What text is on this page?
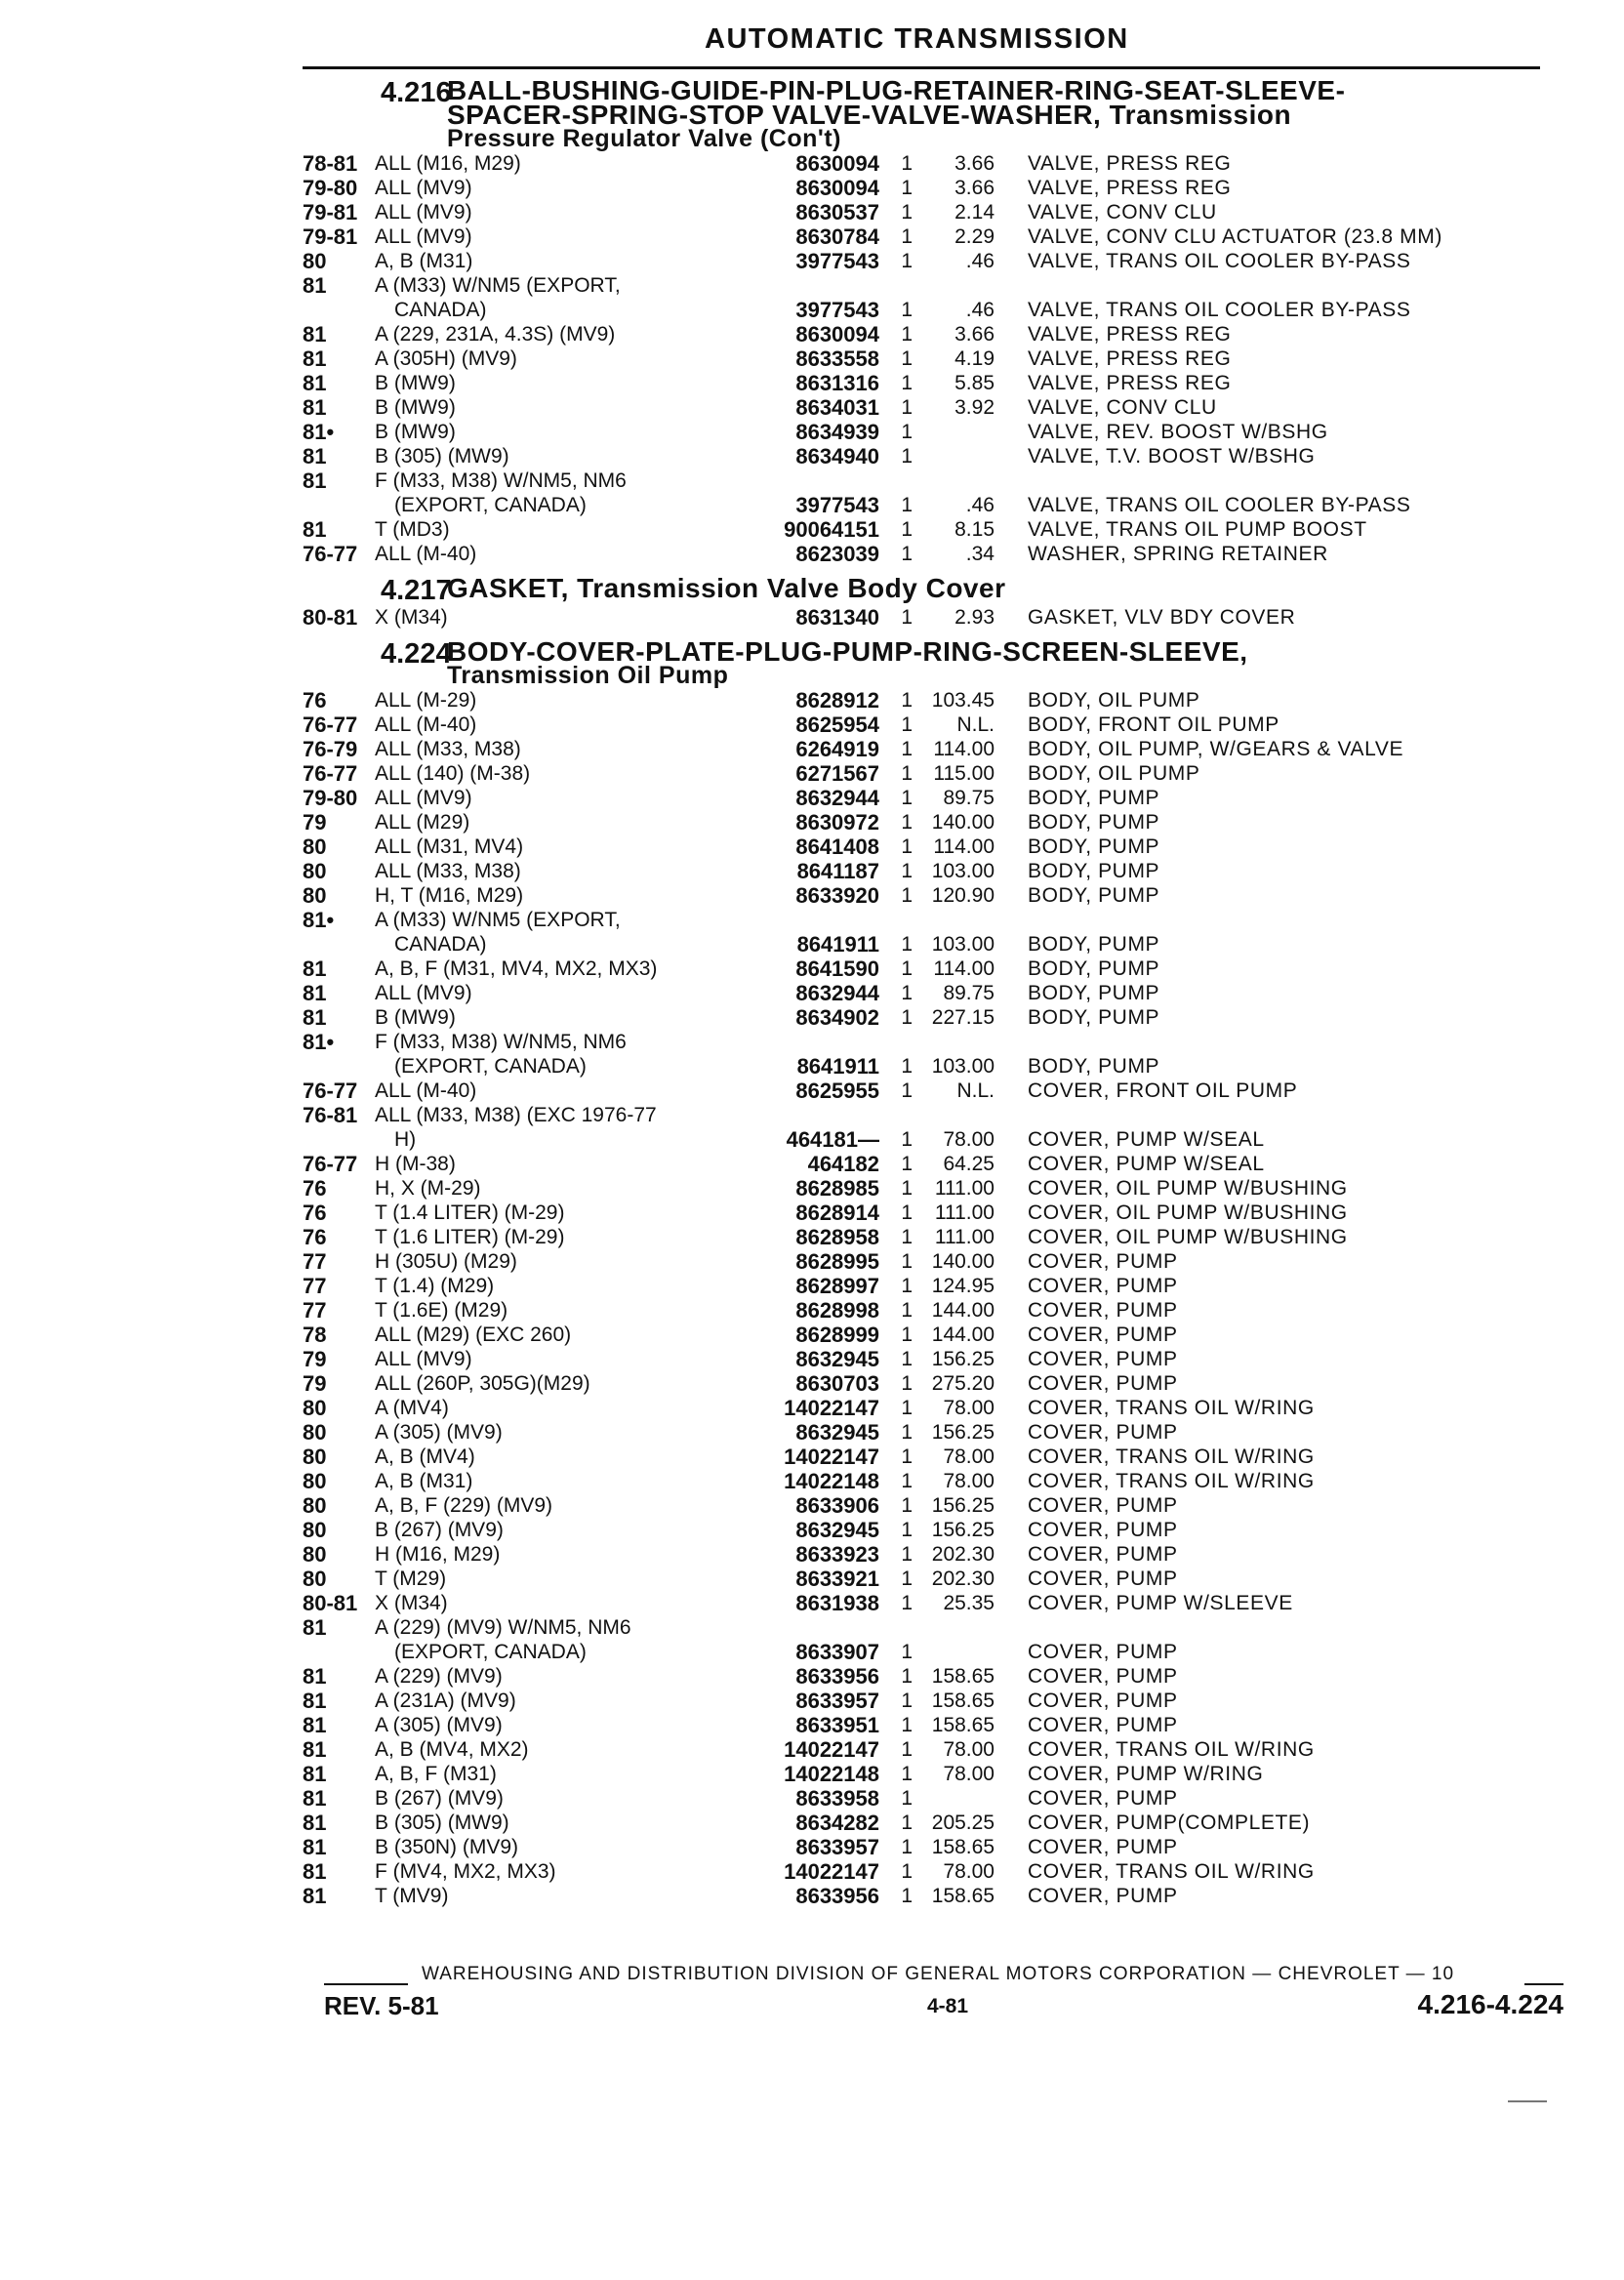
AUTOMATIC TRANSMISSION
4.216
BALL-BUSHING-GUIDE-PIN-PLUG-RETAINER-RING-SEAT-SLEEVE-
SPACER-SPRING-STOP VALVE-VALVE-WASHER, Transmission
Pressure Regulator Valve (Con't)
78-81 ALL (M16, M29)	8630094	1	3.66	VALVE, PRESS REG
79-80 ALL (MV9)	8630094	1	3.66	VALVE, PRESS REG
79-81 ALL (MV9)	8630537	1	2.14	VALVE, CONV CLU
79-81 ALL (MV9)	8630784	1	2.29	VALVE, CONV CLU ACTUATOR (23.8 MM)
80	A, B (M31)	3977543	1	.46	VALVE, TRANS OIL COOLER BY-PASS
81	A (M33) W/NM5 (EXPORT,
CANADA)	3977543	1	.46	VALVE, TRANS OIL COOLER BY-PASS
81	A (229, 231A, 4.3S) (MV9)	8630094	1	3.66	VALVE, PRESS REG
81	A (305H) (MV9)	8633558	1	4.19	VALVE, PRESS REG
81	B (MW9)	8631316	1	5.85	VALVE, PRESS REG
81	B (MW9)	8634031	1	3.92	VALVE, CONV CLU
81•	B (MW9)	8634939	1	VALVE, REV. BOOST W/BSHG
81	B (305) (MW9)	8634940	1	VALVE, T.V. BOOST W/BSHG
81	F (M33, M38) W/NM5, NM6
(EXPORT, CANADA)	3977543	1	.46	VALVE, TRANS OIL COOLER BY-PASS
81	T (MD3)	90064151	1	8.15	VALVE, TRANS OIL PUMP BOOST
76-77 ALL (M-40)	8623039	1	.34	WASHER, SPRING RETAINER
4.217
GASKET, Transmission Valve Body Cover
80-81 X (M34)	8631340	1	2.93	GASKET, VLV BDY COVER
4.224
BODY-COVER-PLATE-PLUG-PUMP-RING-SCREEN-SLEEVE,
Transmission Oil Pump
76	ALL (M-29)	8628912	1 103.45	BODY, OIL PUMP
76-77 ALL (M-40)	8625954	1	N.L.	BODY, FRONT OIL PUMP
76-79 ALL (M33, M38)	6264919	1	114.00	BODY, OIL PUMP, W/GEARS & VALVE
76-77 ALL (140) (M-38)	6271567	1	115.00	BODY, OIL PUMP
79-80 ALL (MV9)	8632944	1	89.75	BODY, PUMP
79	ALL (M29)	8630972	1 140.00	BODY, PUMP
80	ALL (M31, MV4)	8641408	1	114.00	BODY, PUMP
80	ALL (M33, M38)	8641187	1 103.00	BODY, PUMP
80	H, T (M16, M29)	8633920	1 120.90	BODY, PUMP
81•	A (M33) W/NM5 (EXPORT,
CANADA)	8641911	1 103.00	BODY, PUMP
81	A, B, F (M31, MV4, MX2, MX3)	8641590	1	114.00	BODY, PUMP
81	ALL (MV9)	8632944	1	89.75	BODY, PUMP
81	B (MW9)	8634902	1 227.15	BODY, PUMP
81•	F (M33, M38) W/NM5, NM6
(EXPORT, CANADA)	8641911	1 103.00	BODY, PUMP
76-77 ALL (M-40)	8625955	1	N.L.	COVER, FRONT OIL PUMP
76-81 ALL (M33, M38) (EXC 1976-77
H)	464181—	1	78.00	COVER, PUMP W/SEAL
76-77 H (M-38)	464182	1	64.25	COVER, PUMP W/SEAL
76	H, X (M-29)	8628985	1	111.00	COVER, OIL PUMP W/BUSHING
76	T (1.4 LITER) (M-29)	8628914	1	111.00	COVER, OIL PUMP W/BUSHING
76	T (1.6 LITER) (M-29)	8628958	1	111.00	COVER, OIL PUMP W/BUSHING
77	H (305U) (M29)	8628995	1 140.00	COVER, PUMP
77	T (1.4) (M29)	8628997	1 124.95	COVER, PUMP
77	T (1.6E) (M29)	8628998	1 144.00	COVER, PUMP
78	ALL (M29) (EXC 260)	8628999	1 144.00	COVER, PUMP
79	ALL (MV9)	8632945	1 156.25	COVER, PUMP
79	ALL (260P, 305G)(M29)	8630703	1 275.20	COVER, PUMP
80	A (MV4)	14022147	1	78.00	COVER, TRANS OIL W/RING
80	A (305) (MV9)	8632945	1 156.25	COVER, PUMP
80	A, B (MV4)	14022147	1	78.00	COVER, TRANS OIL W/RING
80	A, B (M31)	14022148	1	78.00	COVER, TRANS OIL W/RING
80	A, B, F (229) (MV9)	8633906	1 156.25	COVER, PUMP
80	B (267) (MV9)	8632945	1 156.25	COVER, PUMP
80	H (M16, M29)	8633923	1 202.30	COVER, PUMP
80	T (M29)	8633921	1 202.30	COVER, PUMP
80-81 X (M34)	8631938	1	25.35	COVER, PUMP W/SLEEVE
81	A (229) (MV9) W/NM5, NM6
(EXPORT, CANADA)	8633907	1	COVER, PUMP
81	A (229) (MV9)	8633956	1 158.65	COVER, PUMP
81	A (231A) (MV9)	8633957	1 158.65	COVER, PUMP
81	A (305) (MV9)	8633951	1 158.65	COVER, PUMP
81	A, B (MV4, MX2)	14022147	1	78.00	COVER, TRANS OIL W/RING
81	A, B, F (M31)	14022148	1	78.00	COVER, PUMP W/RING
81	B (267) (MV9)	8633958	1	COVER, PUMP
81	B (305) (MW9)	8634282	1 205.25	COVER, PUMP(COMPLETE)
81	B (350N) (MV9)	8633957	1 158.65	COVER, PUMP
81	F (MV4, MX2, MX3)	14022147	1	78.00	COVER, TRANS OIL W/RING
81	T (MV9)	8633956	1 158.65	COVER, PUMP
WAREHOUSING AND DISTRIBUTION DIVISION OF GENERAL MOTORS CORPORATION — CHEVROLET — 10
REV. 5-81	4-81	4.216-4.224
